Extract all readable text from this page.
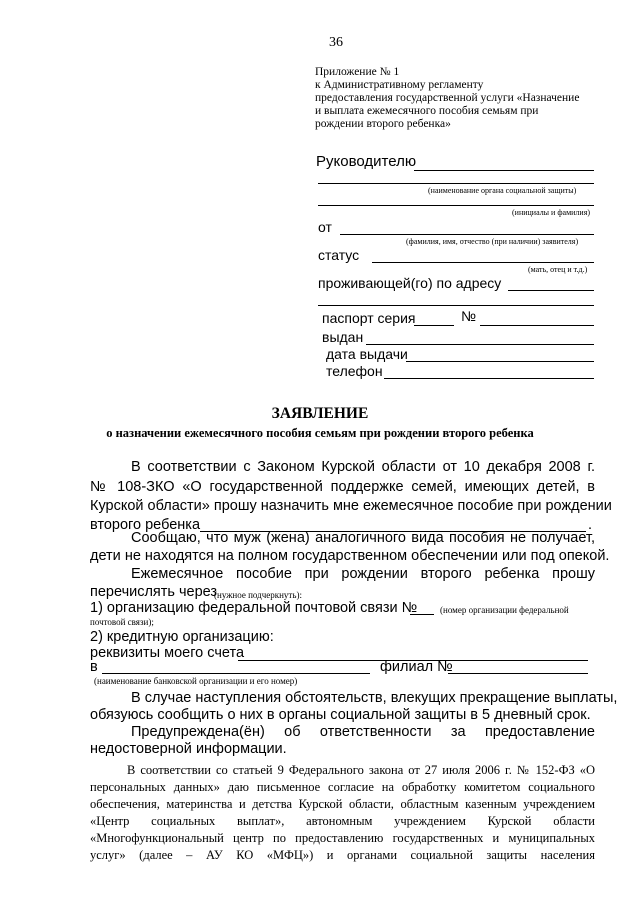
36
Приложение № 1
к Административному регламенту
предоставления государственной услуги «Назначение
и выплата ежемесячного пособия семьям при
рождении второго ребенка»
Руководителю
(наименование органа социальной защиты)
(инициалы и фамилия)
от
(фамилия, имя, отчество (при наличии) заявителя)
статус
(мать, отец и т.д.)
проживающей(го) по адресу
паспорт серия	№
выдан
дата выдачи
телефон
ЗАЯВЛЕНИЕ
о назначении ежемесячного пособия семьям при рождении второго ребенка
В соответствии с Законом Курской области от 10 декабря 2008 г.
№ 108-ЗКО «О государственной поддержке семей, имеющих детей, в
Курской области» прошу назначить мне ежемесячное пособие при рождении
второго ребенка	.
Сообщаю, что муж (жена) аналогичного вида пособия не получает,
дети не находятся на полном государственном обеспечении или под опекой.
Ежемесячное пособие при рождении второго ребенка прошу
перечислять через
(нужное подчеркнуть):
1) организацию федеральной почтовой связи №	(номер организации федеральной
почтовой связи);
2) кредитную организацию:
реквизиты моего счета
в	филиал №
(наименование банковской организации и его номер)
В случае наступления обстоятельств, влекущих прекращение выплаты,
обязуюсь сообщить о них в органы социальной защиты в 5 дневный срок.
Предупреждена(ён) об ответственности за предоставление
недостоверной информации.
В соответствии со статьей 9 Федерального закона от 27 июля 2006 г. № 152-ФЗ «О
персональных данных» даю письменное согласие на обработку комитетом социального
обеспечения, материнства и детства Курской области, областным казенным учреждением
«Центр социальных выплат», автономным учреждением Курской области
«Многофункциональный центр по предоставлению государственных и муниципальных
услуг» (далее – АУ КО «МФЦ») и органами социальной защиты населения
